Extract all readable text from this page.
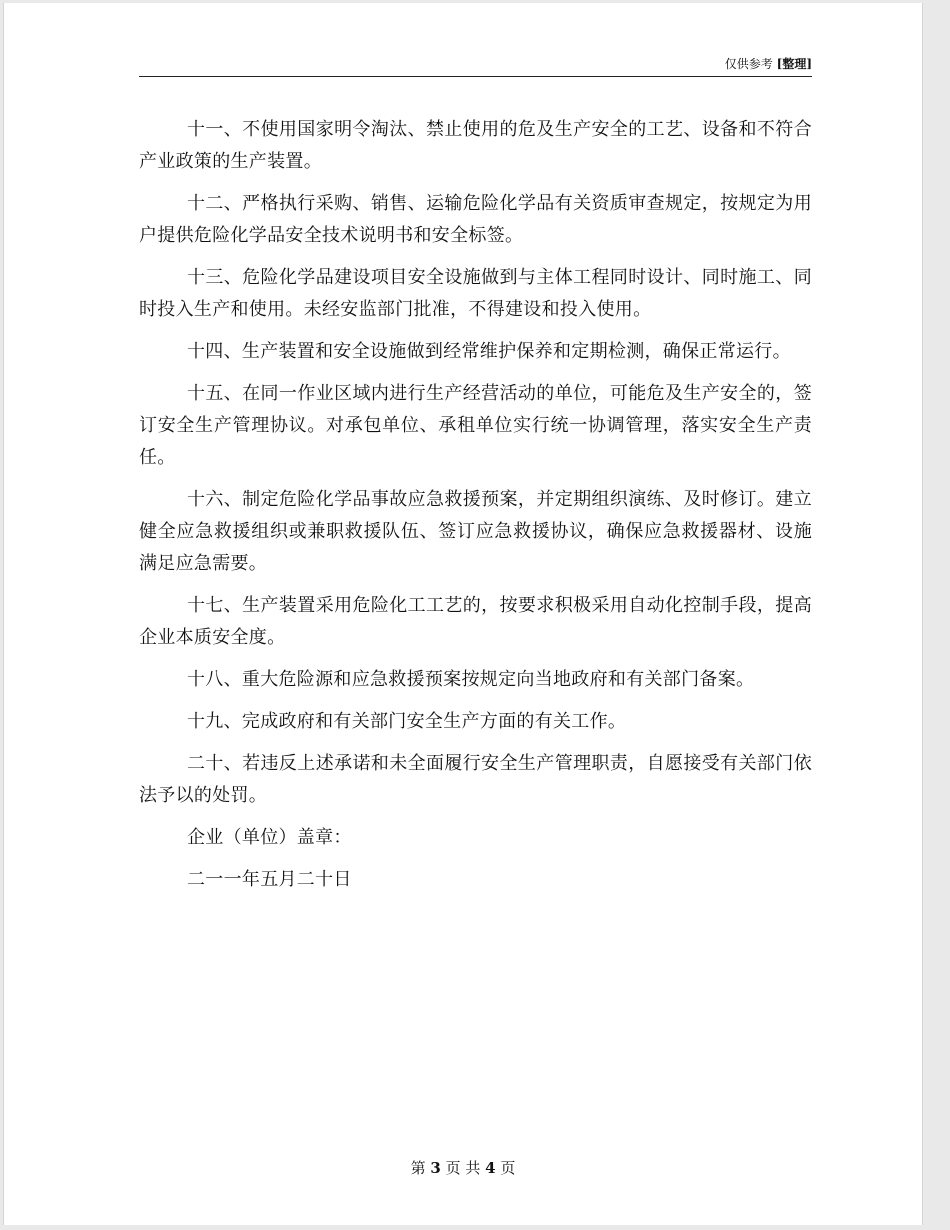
仅供参考 [整理]

十一、不使用国家明令淘汰、禁止使用的危及生产安全的工艺、设备和不符合产业政策的生产装置。

十二、严格执行采购、销售、运输危险化学品有关资质审查规定，按规定为用户提供危险化学品安全技术说明书和安全标签。

十三、危险化学品建设项目安全设施做到与主体工程同时设计、同时施工、同时投入生产和使用。未经安监部门批准，不得建设和投入使用。

十四、生产装置和安全设施做到经常维护保养和定期检测，确保正常运行。

十五、在同一作业区域内进行生产经营活动的单位，可能危及生产安全的，签订安全生产管理协议。对承包单位、承租单位实行统一协调管理，落实安全生产责任。

十六、制定危险化学品事故应急救援预案，并定期组织演练、及时修订。建立健全应急救援组织或兼职救援队伍、签订应急救援协议，确保应急救援器材、设施满足应急需要。

十七、生产装置采用危险化工工艺的，按要求积极采用自动化控制手段，提高企业本质安全度。

十八、重大危险源和应急救援预案按规定向当地政府和有关部门备案。

十九、完成政府和有关部门安全生产方面的有关工作。

二十、若违反上述承诺和未全面履行安全生产管理职责，自愿接受有关部门依法予以的处罚。

企业（单位）盖章：

二一一年五月二十日

第 3 页 共 4 页
